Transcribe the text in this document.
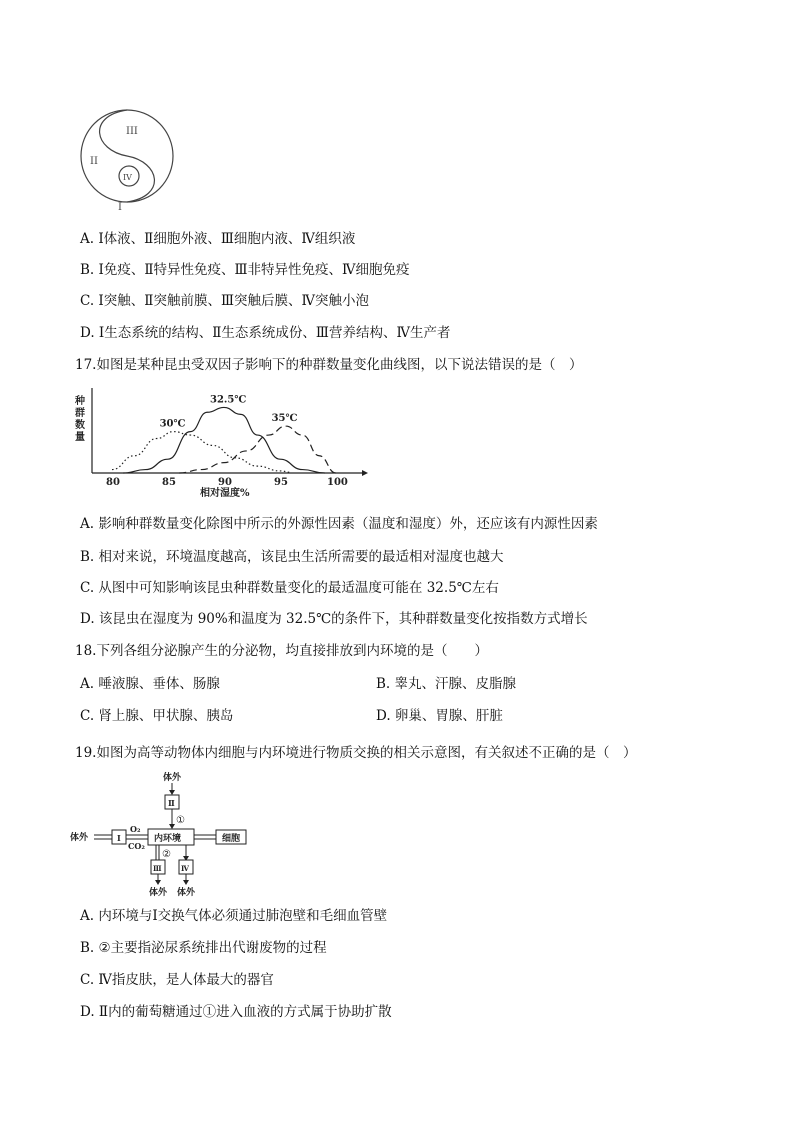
III
II
IV
I
A. Ⅰ体液、Ⅱ细胞外液、Ⅲ细胞内液、Ⅳ组织液
B. Ⅰ免疫、Ⅱ特异性免疫、Ⅲ非特异性免疫、Ⅳ细胞免疫
C. Ⅰ突触、Ⅱ突触前膜、Ⅲ突触后膜、Ⅳ突触小泡
D. Ⅰ生态系统的结构、Ⅱ生态系统成份、Ⅲ营养结构、Ⅳ生产者
17.如图是某种昆虫受双因子影响下的种群数量变化曲线图，以下说法错误的是（　）
种 群 数 量
30℃
32.5℃
35℃
80	85	90	95	100
相对湿度%
A. 影响种群数量变化除图中所示的外源性因素（温度和湿度）外，还应该有内源性因素
B. 相对来说，环境温度越高，该昆虫生活所需要的最适相对湿度也越大
C. 从图中可知影响该昆虫种群数量变化的最适温度可能在 32.5℃左右
D. 该昆虫在湿度为 90%和温度为 32.5℃的条件下，其种群数量变化按指数方式增长
18.下列各组分泌腺产生的分泌物，均直接排放到内环境的是（　　）
A. 唾液腺、垂体、肠腺	B. 睾丸、汗腺、皮脂腺
C. 肾上腺、甲状腺、胰岛	D. 卵巢、胃腺、肝脏
19.如图为高等动物体内细胞与内环境进行物质交换的相关示意图，有关叙述不正确的是（　）
体外
Ⅱ
①
体外	Ⅰ
O₂
CO₂
内环境	细胞
②
Ⅲ
体外
Ⅳ
体外
A. 内环境与Ⅰ交换气体必须通过肺泡壁和毛细血管壁
B. ②主要指泌尿系统排出代谢废物的过程
C. Ⅳ指皮肤，是人体最大的器官
D. Ⅱ内的葡萄糖通过①进入血液的方式属于协助扩散
